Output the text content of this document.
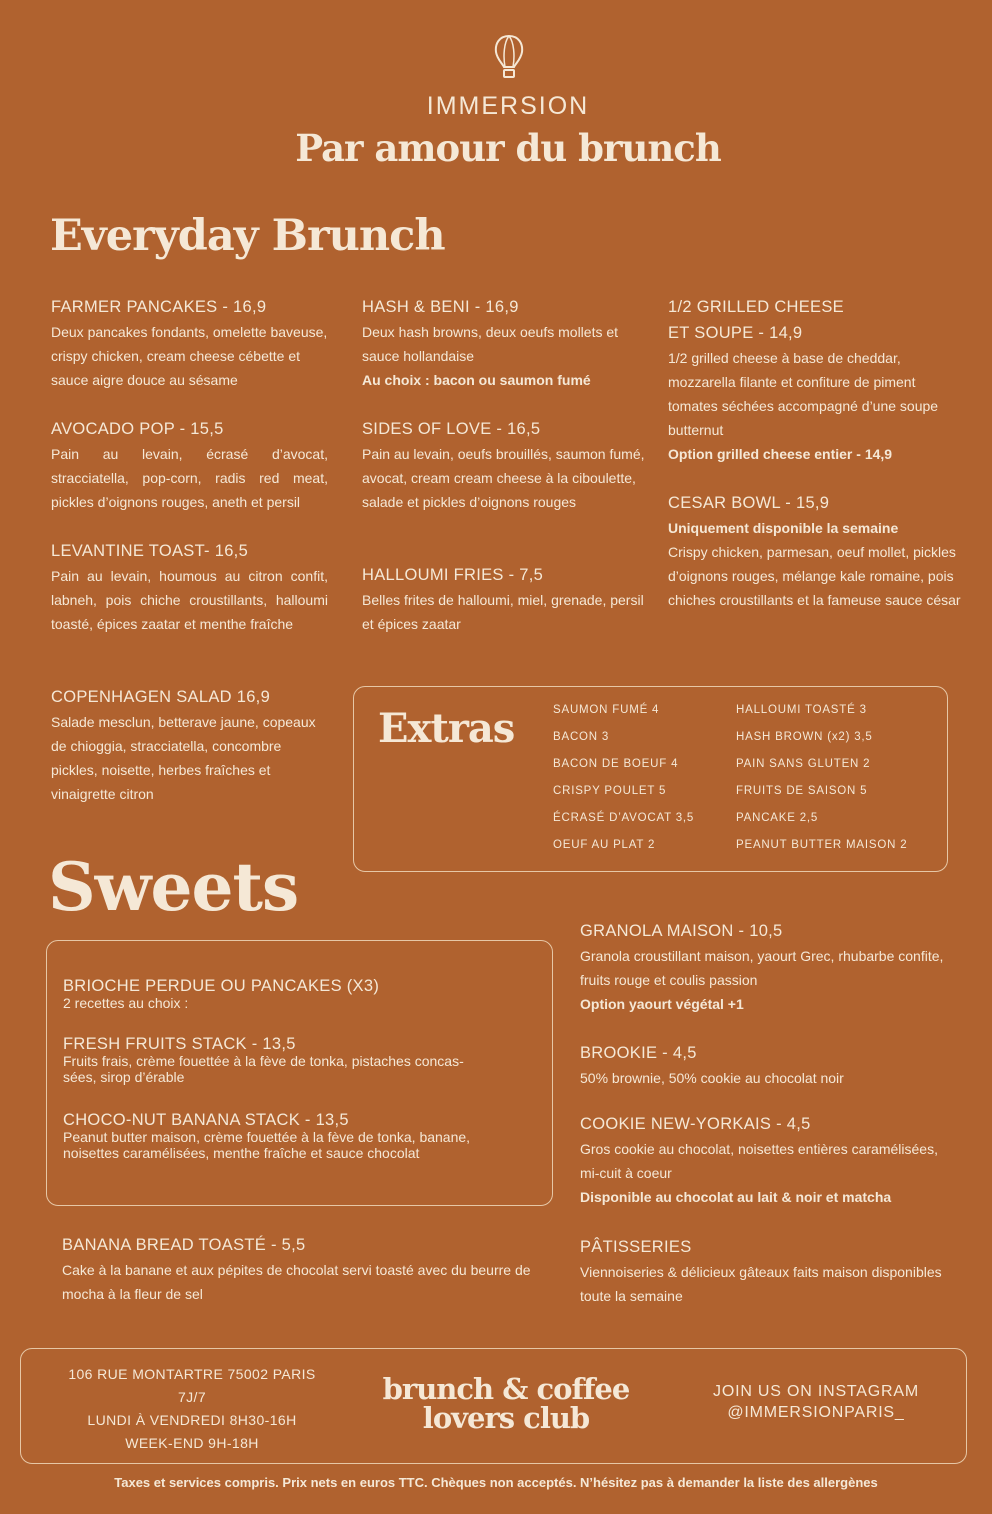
IMMERSION
Par amour du brunch
Everyday Brunch

FARMER PANCAKES - 16,9

Deux pancakes fondants, omelette baveuse, crispy chicken, cream cheese cébette et sauce aigre douce au sésame

AVOCADO POP - 15,5

Pain au levain, écrasé d’avocat, stracciatella, pop-corn, radis red meat, pickles d’oignons rouges, aneth et persil

LEVANTINE TOAST- 16,5

Pain au levain, houmous au citron confit, labneh, pois chiche croustillants, halloumi toasté, épices zaatar et menthe fraîche

COPENHAGEN SALAD 16,9

Salade mesclun, betterave jaune, copeaux de chioggia, stracciatella, concombre pickles, noisette, herbes fraîches et vinaigrette citron

HASH & BENI - 16,9

Deux hash browns, deux oeufs mollets et sauce hollandaise

Au choix : bacon ou saumon fumé

SIDES OF LOVE - 16,5

Pain au levain, oeufs brouillés, saumon fumé, avocat, cream cream cheese à la ciboulette, salade et pickles d’oignons rouges

HALLOUMI FRIES - 7,5

Belles frites de halloumi, miel, grenade, persil et épices zaatar

1/2 GRILLED CHEESE

ET SOUPE - 14,9

1/2 grilled cheese à base de cheddar, mozzarella filante et confiture de piment tomates séchées accompagné d’une soupe butternut

Option grilled cheese entier - 14,9

CESAR BOWL - 15,9

Uniquement disponible la semaine

Crispy chicken, parmesan, oeuf mollet, pickles d’oignons rouges, mélange kale romaine, pois chiches croustillants et la fameuse sauce césar

Extras	SAUMON FUMÉ 4

BACON 3

BACON DE BOEUF 4

CRISPY POULET 5

ÉCRASÉ D’AVOCAT 3,5

OEUF AU PLAT 2

HALLOUMI TOASTÉ 3

HASH BROWN (x2) 3,5

PAIN SANS GLUTEN 2

FRUITS DE SAISON 5

PANCAKE 2,5

PEANUT BUTTER MAISON 2

Sweets

BRIOCHE PERDUE OU PANCAKES (X3)

2 recettes au choix :

FRESH FRUITS STACK - 13,5

Fruits frais, crème fouettée à la fève de tonka, pistaches concas-

sées, sirop d’érable

CHOCO-NUT BANANA STACK - 13,5

Peanut butter maison, crème fouettée à la fève de tonka, banane,

noisettes caramélisées, menthe fraîche et sauce chocolat

BANANA BREAD TOASTÉ - 5,5

Cake à la banane et aux pépites de chocolat servi toasté avec du beurre de mocha à la fleur de sel

GRANOLA MAISON - 10,5

Granola croustillant maison, yaourt Grec, rhubarbe confite, fruits rouge et coulis passion

Option yaourt végétal +1

BROOKIE - 4,5

50% brownie, 50% cookie au chocolat noir

COOKIE NEW-YORKAIS - 4,5

Gros cookie au chocolat, noisettes entières caramélisées, mi-cuit à coeur

Disponible au chocolat au lait & noir et matcha

PÂTISSERIES

Viennoiseries & délicieux gâteaux faits maison disponibles toute la semaine

106 RUE MONTARTRE 75002 PARIS
7J/7
LUNDI À VENDREDI 8H30-16H
WEEK-END 9H-18H
brunch & coffee
lovers club
JOIN US ON INSTAGRAM
@IMMERSIONPARIS_
Taxes et services compris. Prix nets en euros TTC. Chèques non acceptés. N’hésitez pas à demander la liste des allergènes
